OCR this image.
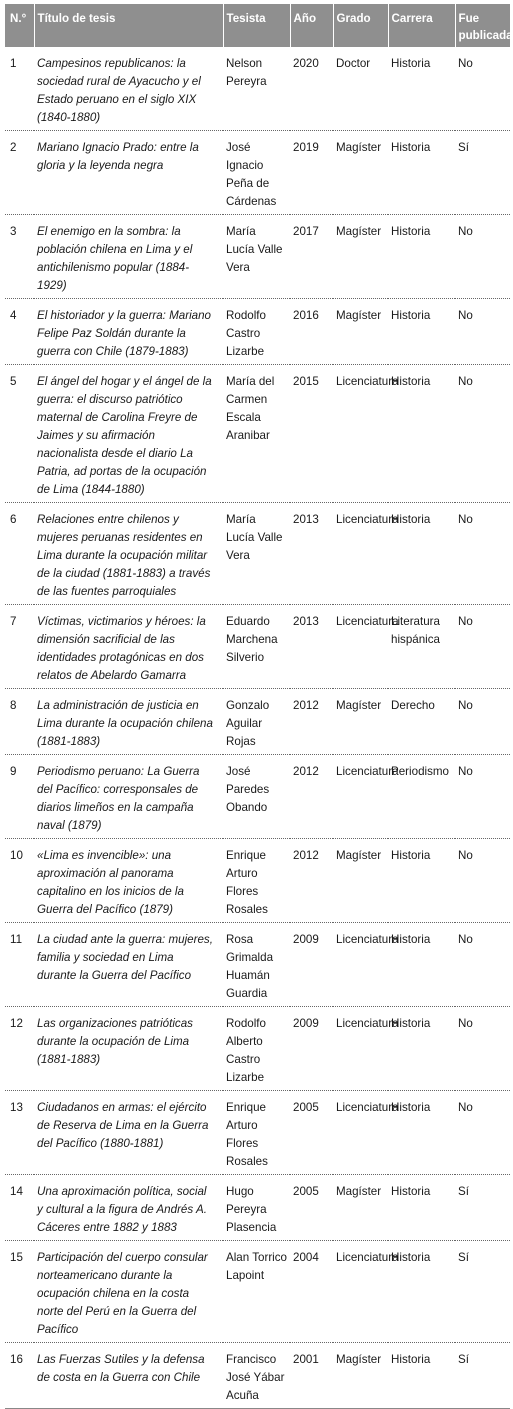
N.°	Título de tesis	Tesista	Año	Grado	Carrera	Fue publicada
1	Campesinos republicanos: la sociedad rural de Ayacucho y el Estado peruano en el siglo XIX (1840-1880)	Nelson Pereyra	2020	Doctor	Historia	No
2	Mariano Ignacio Prado: entre la gloria y la leyenda negra	José Ignacio Peña de Cárdenas	2019	Magíster	Historia	Sí
3	El enemigo en la sombra: la población chilena en Lima y el antichilenismo popular (1884-1929)	María Lucía Valle Vera	2017	Magíster	Historia	No
4	El historiador y la guerra: Mariano Felipe Paz Soldán durante la guerra con Chile (1879-1883)	Rodolfo Castro Lizarbe	2016	Magíster	Historia	No
5	El ángel del hogar y el ángel de la guerra: el discurso patriótico maternal de Carolina Freyre de Jaimes y su afirmación nacionalista desde el diario La Patria, ad portas de la ocupación de Lima (1844-1880)	María del Carmen Escala Aranibar	2015	Licenciatura	Historia	No
6	Relaciones entre chilenos y mujeres peruanas residentes en Lima durante la ocupación militar de la ciudad (1881-1883) a través de las fuentes parroquiales	María Lucía Valle Vera	2013	Licenciatura	Historia	No
7	Víctimas, victimarios y héroes: la dimensión sacrificial de las identidades protagónicas en dos relatos de Abelardo Gamarra	Eduardo Marchena Silverio	2013	Licenciatura	Literatura hispánica	No
8	La administración de justicia en Lima durante la ocupación chilena (1881-1883)	Gonzalo Aguilar Rojas	2012	Magíster	Derecho	No
9	Periodismo peruano: La Guerra del Pacífico: corresponsales de diarios limeños en la campaña naval (1879)	José Paredes Obando	2012	Licenciatura	Periodismo	No
10	«Lima es invencible»: una aproximación al panorama capitalino en los inicios de la Guerra del Pacífico (1879)	Enrique Arturo Flores Rosales	2012	Magíster	Historia	No
11	La ciudad ante la guerra: mujeres, familia y sociedad en Lima durante la Guerra del Pacífico	Rosa Grimalda Huamán Guardia	2009	Licenciatura	Historia	No
12	Las organizaciones patrióticas durante la ocupación de Lima (1881-1883)	Rodolfo Alberto Castro Lizarbe	2009	Licenciatura	Historia	No
13	Ciudadanos en armas: el ejército de Reserva de Lima en la Guerra del Pacífico (1880-1881)	Enrique Arturo Flores Rosales	2005	Licenciatura	Historia	No
14	Una aproximación política, social y cultural a la figura de Andrés A. Cáceres entre 1882 y 1883	Hugo Pereyra Plasencia	2005	Magíster	Historia	Sí
15	Participación del cuerpo consular norteamericano durante la ocupación chilena en la costa norte del Perú en la Guerra del Pacífico	Alan Torrico Lapoint	2004	Licenciatura	Historia	Sí
16	Las Fuerzas Sutiles y la defensa de costa en la Guerra con Chile	Francisco José Yábar Acuña	2001	Magíster	Historia	Sí
